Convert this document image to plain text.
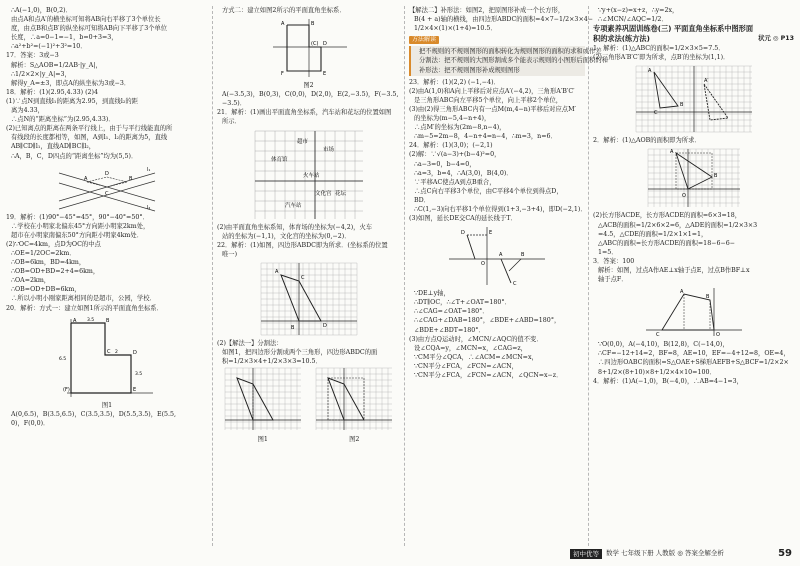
∴A(−1,0)，B(0,2)．
由点A和点A′的横坐标可知将AB向右平移了3个单位长
度，由点B和点B′的纵坐标可知将AB向下平移了3个单位
长度，∴a=0−1=−1，b=0+3=3，
∴a²+b²=(−1)²+3²=10．
17．答案：3或−3
解析：S△AOB=1/2AB·|y_A|，
∴1/2×2×|y_A|=3，
解得y_A=±3，即点A的纵坐标为3或−3．
18．解析：(1)(2.95,4.33) (2)4
(1)∵点N到直线l₁的距离为2.95，到直线l₂的距
离为4.33，
∴点N的“距离坐标”为(2.95,4.33)．
(2)已知离点的距离在两条平行线上，由于与平行线能直的所
有线段的长度都相等，如图，A到l₁、l₂的距离为5，直线
AB∥CD∥l₁，直线AD∥BC∥l₂，
∴A，B，C，D四点的“距离坐标”均为(5,5)．
A	B
C
D
l₁
l₂
19．解析：(1)90°−45°=45°，90°−40°=50°．
∴学校在小明家北偏东45°方向距小明家2km处，
超市在小明家南偏东50°方向距小明家4km处．
(2)∵OC=4km，点D为OC的中点
∴OE=1/2OC=2km．
∴OB=6km，BD=4km，
∴OB=OD+BD=2+4=6km，
∴OA=2km，
∴OB=OD+DB=6km，
∴所以小明小刚家距离相同的是超市，公园，学校．
20．解析：方式一：建立如图1所示的平面直角坐标系．
A	B
C	D
E
(F)
3.5
3.5
6.5
2
图1
A(0,6.5)，B(3.5,6.5)，C(3.5,3.5)，D(5.5,3.5)，E(5.5,
0)，F(0,0)．
方式二：建立如图2所示的平面直角坐标系．
A	B
(C) D
E
F
图2
A(−3.5,3)，B(0,3)，C(0,0)，D(2,0)，E(2,−3.5)，F(−3.5,
−3.5)．
21．解析：(1)画出平面直角坐标系，汽车站和花坛的位置如图
所示．
超市
市场
体育馆
火车站
文化宫 花坛
汽车站
(2)由平面直角坐标系知，体育场的坐标为(−4,2)，火车
站的坐标为(−1,1)，文化宫的坐标为(0,−2)．
22．解析：(1)如图，四边形ABDC即为所求．(坐标系的位置
唯一)
A
C
D
B
(2)【解法一】分割法：
如图1，把四边形分割成两个三角形，四边形ABDC的面
积=1/2×3×4+1/2×3×3=10.5．
图1	图2
【解法二】补形法：如图2，把原图形补成一个长方形，
B(4 + a)轴的横线，由四边形ABDC的面积=4×7−1/2×3×4−
1/2×4×(1)×(1+4)=10.5．
方法解读
把不规则的不规则图形的面积转化为规则图形的面积的求和或作差
分割法：把不规则的大图形割成多个能表示规则的小图形后面积的和
补形法：把不规则图形补成规则图形
23．解析：(1)(2,2) (−1,−4)．
(2)由A(1,0)和A向上平移后对应点A′(−4,2)，三角形A′B′C′
是三角形ABC向左平移5个单位，向上平移2个单位，
(3)由(2)得三角形ABC内有一点M(m,4−n)平移后对应点M′
的坐标为(m−5,4−n+4)，
∴点M′的坐标为(2m−8,n−4)，
∴m−5=2m−8，4−n+4=n−4，∴m=3，n=6．
24．解析：(1)(3,0)；(−2,1)
(2)解：∵√(a−3)+(b−4)²=0，
∴a−3=0，b−4=0，
∴a=3，b=4，∴A(3,0)，B(4,0)．
∵平移AC使点A到点B重合，
∴点C向右平移3个单位，由C平移4个单位到得点D，
BD．
∴C(1,−3)向右平移1个单位得到(1+3,−3+4)，即D(−2,1)．
(3)如图，延长DE交CA的延长线于T．
D	E
A	B
C
O
∵DE⊥y轴，
∴DT∥OC，∴∠T+∠OAT=180°．
∴∠CAG=∠OAT=180°．
∴∠CAG+∠DAB=180°，∠BDE+∠ABD=180°，
∠BDE+∠BDT=180°．
(3)由方点Q运动时，∠MCN/∠AQC的值不变．
设∠CQA=y，∠MCN=x，∠CAG=z，
∵CM平分∠QCA，∴∠ACM=∠MCN=x，
∵CN平分∠FCA，∠FCN=∠ACN，
∵CN平分∠FCA，∠FCN=∠ACN，∠QCN=x−z．
∵y+(x−z)=x+z，∴y=2x，
∴∠MCN/∠AQC=1/2．
专项素养巩固训练卷(三) 平面直角坐标系中图形面
积的求法(练方法)	状元 ◎ P13
1．解析：(1)△ABC的面积=1/2×3×5=7.5．
(2)三角形A′B′C′即为所求，点B′的坐标为(1,1)．
A
B
C
A′
2．解析：(1)△AOB的面积即为所求．
A
B
O
(2)长方形ACDE，长方形ACDE的面积=6×3=18，
△ACB的面积=1/2×6×2=6，△ADE的面积=1/2×3×3
=4.5，△CDE的面积=1/2×1×1=1，
△ABC的面积=长方形ACDE的面积=18−6−6−
1=5．
3．答案：100
解析：如图，过点A作AE⊥x轴于点E，过点B作BF⊥x
轴于点F．
C
A
B
O
∵O(0,0)，A(−4,10)，B(12,8)，C(−14,0)，
∴CF=−12+14=2，BF=8，AE=10，EF=−4+12=8，OE=4，
∴四边形OABC的面积=S△OAE+S梯形AEFB+S△BCF=1/2×2×
8+1/2×(8+10)×8+1/2×4×10=100．
4．解析：(1)A(−1,0)，B(−4,0)，∴AB=4−1=3，
初中优等	数学 七年级下册 人教版 ◎ 答案全解全析	59
